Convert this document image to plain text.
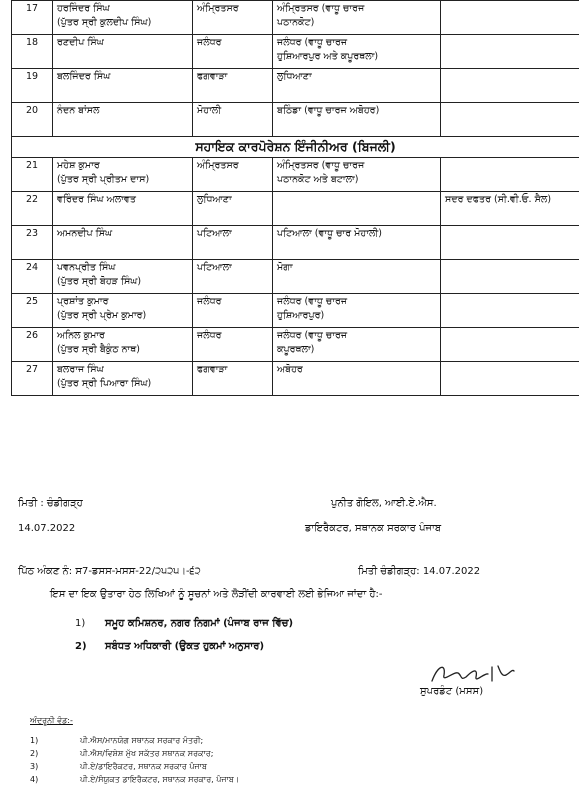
17	ਹਰਜਿੰਦਰ ਸਿੰਘ
(ਪੁੱਤਰ ਸ੍ਰੀ ਕੁਲਦੀਪ ਸਿੰਘ)	ਅੰਮ੍ਰਿਤਸਰ	ਅੰਮ੍ਰਿਤਸਰ (ਵਾਧੂ ਚਾਰਜ
ਪਠਾਨਕੋਟ)	

18	ਰਣਦੀਪ ਸਿੰਘ	ਜਲੰਧਰ	ਜਲੰਧਰ (ਵਾਧੂ ਚਾਰਜ
ਹੁਸ਼ਿਆਰਪੁਰ ਅਤੇ ਕਪੂਰਥਲਾ)	

19	ਬਲਜਿੰਦਰ ਸਿੰਘ	ਫਗਵਾੜਾ	ਲੁਧਿਆਣਾ	

20	ਨੰਦਨ ਬਾਂਸਲ	ਮੋਹਾਲੀ	ਬਠਿੰਡਾ (ਵਾਧੂ ਚਾਰਜ ਅਬੋਹਰ)	

ਸਹਾਇਕ ਕਾਰਪੋਰੇਸ਼ਨ ਇੰਜੀਨੀਅਰ (ਬਿਜਲੀ)				
21	ਮਹੇਸ਼ ਕੁਮਾਰ
(ਪੁੱਤਰ ਸ੍ਰੀ ਪ੍ਰੀਤਮ ਦਾਸ)	ਅੰਮ੍ਰਿਤਸਰ	ਅੰਮ੍ਰਿਤਸਰ (ਵਾਧੂ ਚਾਰਜ
ਪਠਾਨਕੋਟ ਅਤੇ ਬਟਾਲਾ)	

22	ਵਰਿੰਦਰ ਸਿੰਘ ਅਲਾਵਤ	ਲੁਧਿਆਣਾ		ਸਦਰ ਦਫਤਰ (ਸੀ.ਵੀ.ਓ. ਸੈਲ)
23	ਅਮਨਦੀਪ ਸਿੰਘ	ਪਟਿਆਲਾ	ਪਟਿਆਲਾ (ਵਾਧੂ ਚਾਰ ਮੋਹਾਲੀ)	

24	ਪਵਨਪ੍ਰੀਤ ਸਿੰਘ
(ਪੁੱਤਰ ਸ੍ਰੀ ਬੋਹੜ ਸਿੰਘ)	ਪਟਿਆਲਾ	ਮੋਗਾ	

25	ਪ੍ਰਸ਼ਾਂਤ ਕੁਮਾਰ
(ਪੁੱਤਰ ਸ੍ਰੀ ਪ੍ਰੇਮ ਕੁਮਾਰ)	ਜਲੰਧਰ	ਜਲੰਧਰ (ਵਾਧੂ ਚਾਰਜ
ਹੁਸ਼ਿਆਰਪੁਰ)	

26	ਅਨਿਲ ਕੁਮਾਰ
(ਪੁੱਤਰ ਸ੍ਰੀ ਬੈਕੁੰਠ ਨਾਥ)	ਜਲੰਧਰ	ਜਲੰਧਰ (ਵਾਧੂ ਚਾਰਜ
ਕਪੂਰਥਲਾ)	

27	ਬਲਰਾਜ ਸਿੰਘ
(ਪੁੱਤਰ ਸ੍ਰੀ ਪਿਆਰਾ ਸਿੰਘ)	ਫਗਵਾੜਾ	ਅਬੋਹਰ	

ਮਿਤੀ : ਚੰਡੀਗੜ੍ਹ
14.07.2022
ਪੁਨੀਤ ਗੋਇਲ, ਆਈ.ਏ.ਐਸ.
ਡਾਇਰੈਕਟਰ, ਸਥਾਨਕ ਸਰਕਾਰ ਪੰਜਾਬ
ਪਿੱਠ ਅੰਕਣ ਨੰ: ਸ7-ਡਸਸ-ਮਸਸ-22/੨੫੨੫।-੬੨	ਮਿਤੀ ਚੰਡੀਗੜ੍ਹ: 14.07.2022
ਇਸ ਦਾ ਇਕ ਉਤਾਰਾ ਹੇਠ ਲਿਖਿਆਂ ਨੂੰ ਸੂਚਨਾਂ ਅਤੇ ਲੋੜੀਂਦੀ ਕਾਰਵਾਈ ਲਈ ਭੇਜਿਆ ਜਾਂਦਾ ਹੈ:-
1) ਸਮੂਹ ਕਮਿਸ਼ਨਰ, ਨਗਰ ਨਿਗਮਾਂ (ਪੰਜਾਬ ਰਾਜ ਵਿੱਚ)
2) ਸਬੰਧਤ ਅਧਿਕਾਰੀ (ਉਕਤ ਹੁਕਮਾਂ ਅਨੁਸਾਰ)
ਸੁਪਰਡੰਟ (ਮਸਸ)
ਅੰਦਰੂਨੀ ਵੰਡ:-
1)	ਪੀ.ਐਸ/ਮਾਨਯੋਗ ਸਥਾਨਕ ਸਰਕਾਰ ਮੰਤਰੀ;
2)	ਪੀ.ਐਸ/ਵਿਸ਼ੇਸ਼ ਮੁੱਖ ਸਕੱਤਰ ਸਥਾਨਕ ਸਰਕਾਰ;
3)	ਪੀ.ਏ/ਡਾਇਰੈਕਟਰ, ਸਥਾਨਕ ਸਰਕਾਰ ਪੰਜਾਬ
4)	ਪੀ.ਏ/ਸੰਯੁਕਤ ਡਾਇਰੈਕਟਰ, ਸਥਾਨਕ ਸਰਕਾਰ, ਪੰਜਾਬ।
